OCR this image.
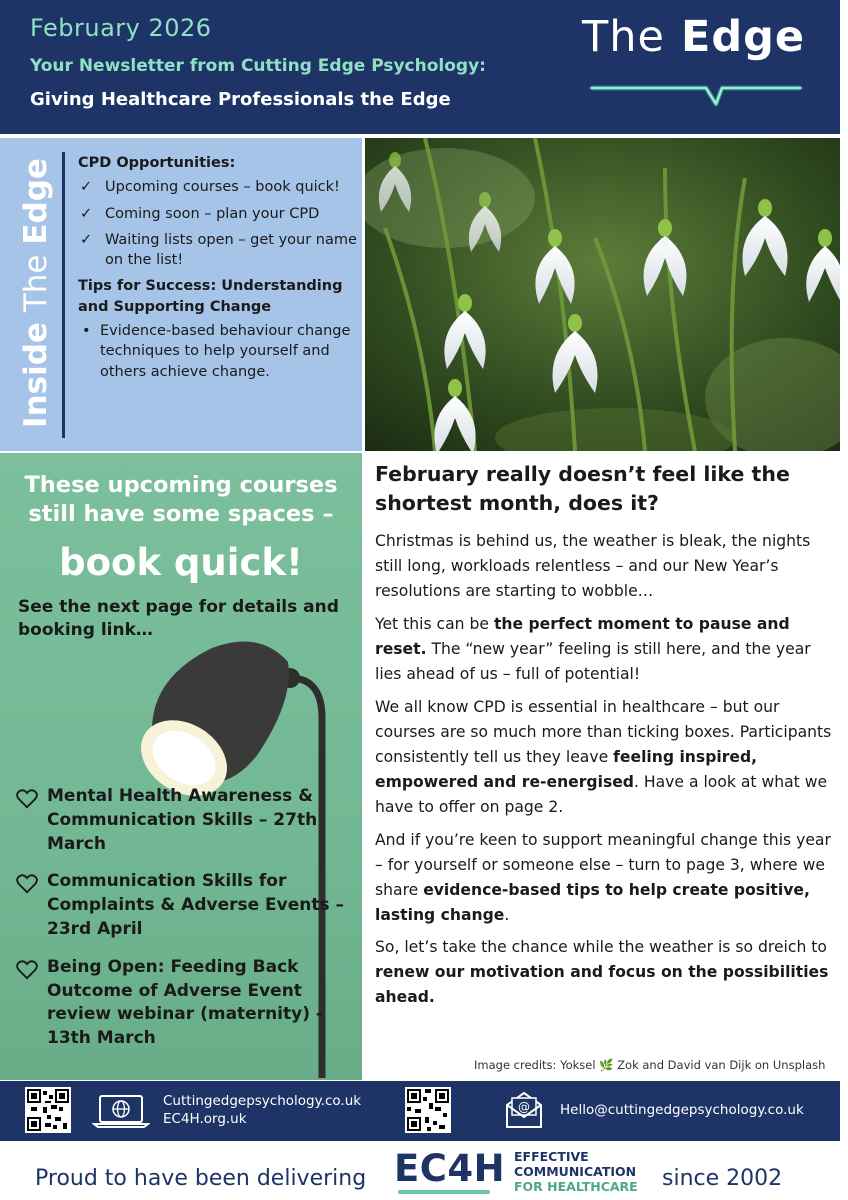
February 2026
Your Newsletter from Cutting Edge Psychology:
Giving Healthcare Professionals the Edge
The Edge
Inside The Edge CPD Opportunities:
✓ Upcoming courses – book quick!
✓ Coming soon – plan your CPD
✓ Waiting lists open – get your name on the list!
Tips for Success: Understanding and Supporting Change
• Evidence-based behaviour change techniques to help yourself and others achieve change.
These upcoming courses still have some spaces –
book quick!
See the next page for details and booking link…
Mental Health Awareness & Communication Skills – 27th March
Communication Skills for Complaints & Adverse Events – 23rd April
Being Open: Feeding Back Outcome of Adverse Event review webinar (maternity) - 13th March
February really doesn’t feel like the shortest month, does it?

Christmas is behind us, the weather is bleak, the nights still long, workloads relentless – and our New Year’s resolutions are starting to wobble…

Yet this can be the perfect moment to pause and reset. The “new year” feeling is still here, and the year lies ahead of us – full of potential!

We all know CPD is essential in healthcare – but our courses are so much more than ticking boxes. Participants consistently tell us they leave feeling inspired, empowered and re-energised. Have a look at what we have to offer on page 2.

And if you’re keen to support meaningful change this year – for yourself or someone else – turn to page 3, where we share evidence-based tips to help create positive, lasting change.

So, let’s take the chance while the weather is so dreich to renew our motivation and focus on the possibilities ahead.

Image credits: Yoksel 🌿 Zok and David van Dijk on Unsplash
Cuttingedgepsychology.co.uk
EC4H.org.uk
@ Hello@cuttingedgepsychology.co.uk
Proud to have been delivering EC4H EFFECTIVE
COMMUNICATION
FOR HEALTHCARE since 2002
